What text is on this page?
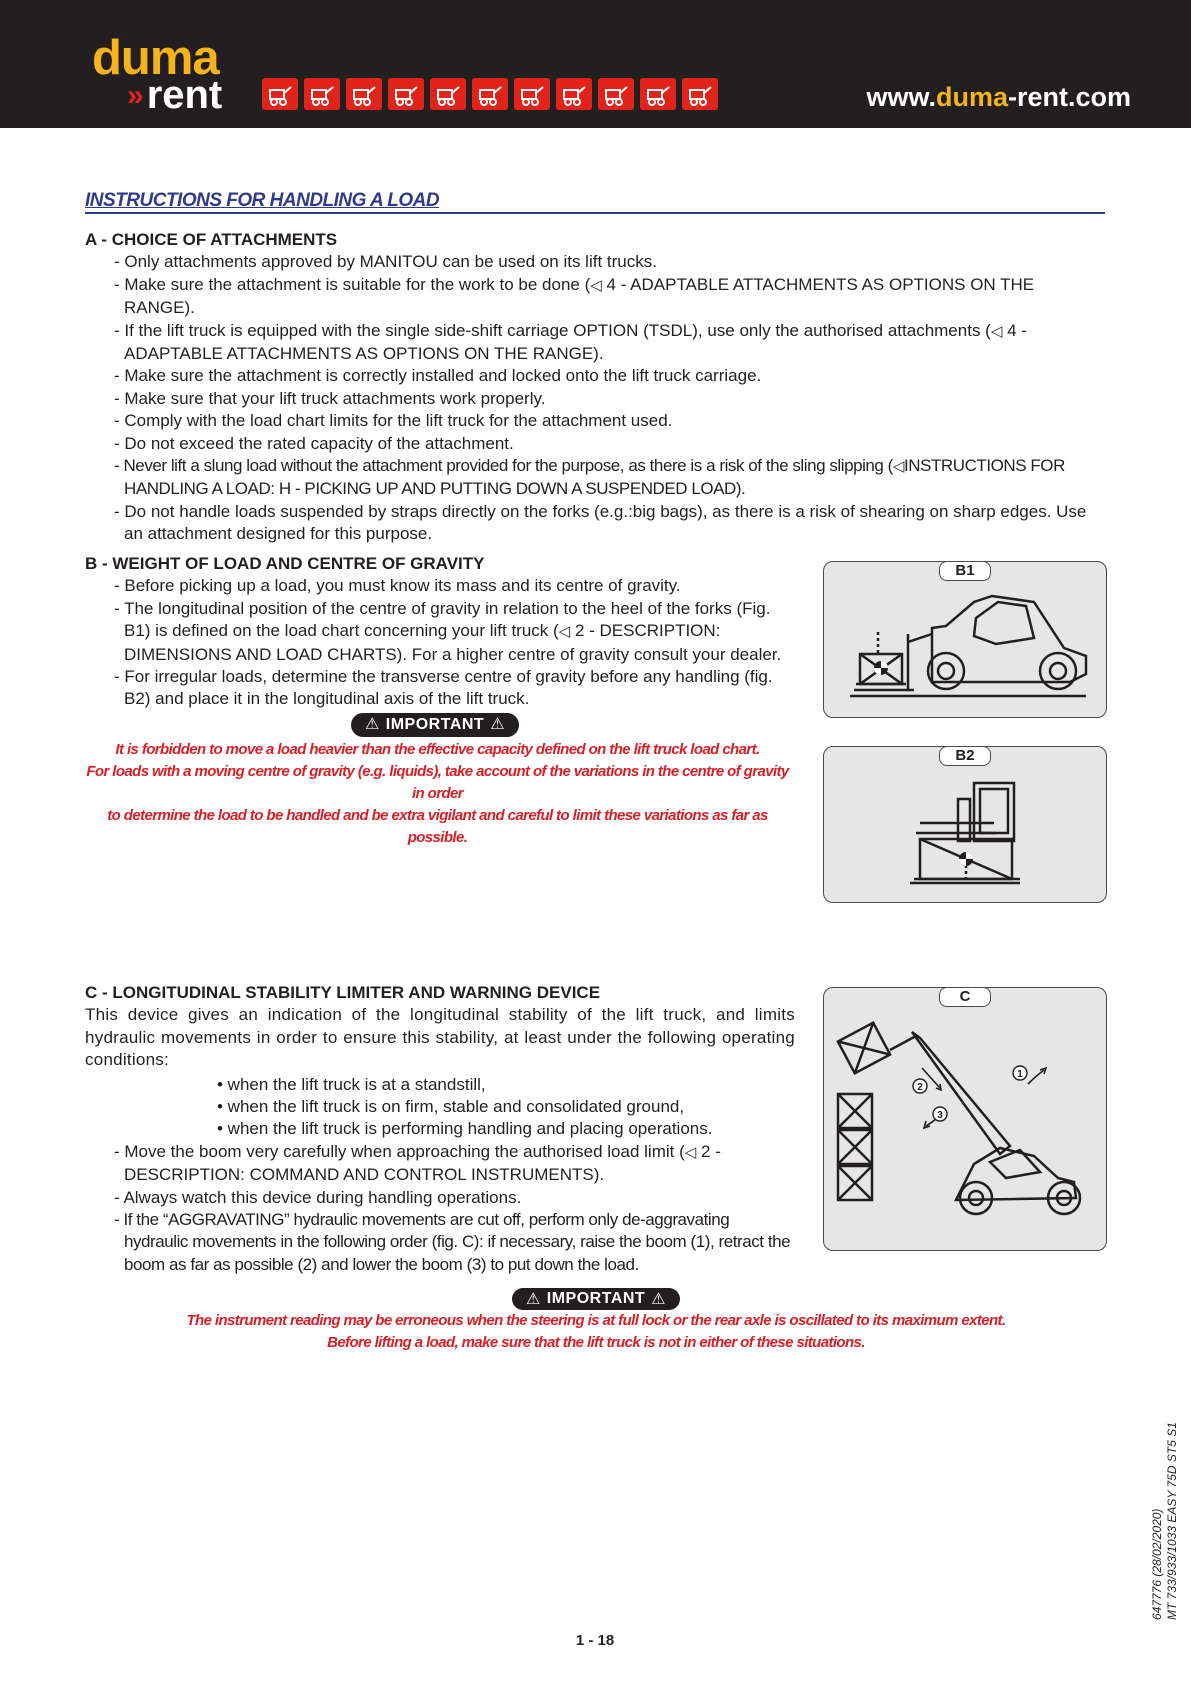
duma
»rent	www.duma-rent.com
INSTRUCTIONS FOR HANDLING A LOAD
A - CHOICE OF ATTACHMENTS
- Only attachments approved by MANITOU can be used on its lift trucks.
- Make sure the attachment is suitable for the work to be done (◁ 4 - ADAPTABLE ATTACHMENTS AS OPTIONS ON THE RANGE).
- If the lift truck is equipped with the single side-shift carriage OPTION (TSDL), use only the authorised attachments (◁ 4 - ADAPTABLE ATTACHMENTS AS OPTIONS ON THE RANGE).
- Make sure the attachment is correctly installed and locked onto the lift truck carriage.
- Make sure that your lift truck attachments work properly.
- Comply with the load chart limits for the lift truck for the attachment used.
- Do not exceed the rated capacity of the attachment.
- Never lift a slung load without the attachment provided for the purpose, as there is a risk of the sling slipping (◁INSTRUCTIONS FOR HANDLING A LOAD: H - PICKING UP AND PUTTING DOWN A SUSPENDED LOAD).
- Do not handle loads suspended by straps directly on the forks (e.g.:big bags), as there is a risk of shearing on sharp edges. Use an attachment designed for this purpose.
B - WEIGHT OF LOAD AND CENTRE OF GRAVITY
- Before picking up a load, you must know its mass and its centre of gravity.
- The longitudinal position of the centre of gravity in relation to the heel of the forks (Fig. B1) is defined on the load chart concerning your lift truck (◁ 2 - DESCRIPTION: DIMENSIONS AND LOAD CHARTS). For a higher centre of gravity consult your dealer.
- For irregular loads, determine the transverse centre of gravity before any handling (fig. B2) and place it in the longitudinal axis of the lift truck.
⚠ IMPORTANT ⚠
It is forbidden to move a load heavier than the effective capacity defined on the lift truck load chart.
For loads with a moving centre of gravity (e.g. liquids), take account of the variations in the centre of gravity in order
to determine the load to be handled and be extra vigilant and careful to limit these variations as far as possible.
B1
B2
C - LONGITUDINAL STABILITY LIMITER AND WARNING DEVICE
This device gives an indication of the longitudinal stability of the lift truck, and limits hydraulic movements in order to ensure this stability, at least under the following operating conditions:
• when the lift truck is at a standstill,
• when the lift truck is on firm, stable and consolidated ground,
• when the lift truck is performing handling and placing operations.
- Move the boom very carefully when approaching the authorised load limit (◁ 2 - DESCRIPTION: COMMAND AND CONTROL INSTRUMENTS).
- Always watch this device during handling operations.
- If the “AGGRAVATING” hydraulic movements are cut off, perform only de-aggravating hydraulic movements in the following order (fig. C): if necessary, raise the boom (1), retract the boom as far as possible (2) and lower the boom (3) to put down the load.
⚠ IMPORTANT ⚠
The instrument reading may be erroneous when the steering is at full lock or the rear axle is oscillated to its maximum extent.
Before lifting a load, make sure that the lift truck is not in either of these situations.
C
1
2
3
1 - 18
647776 (28/02/2020) MT 733/933/1033 EASY 75D ST5 S1
